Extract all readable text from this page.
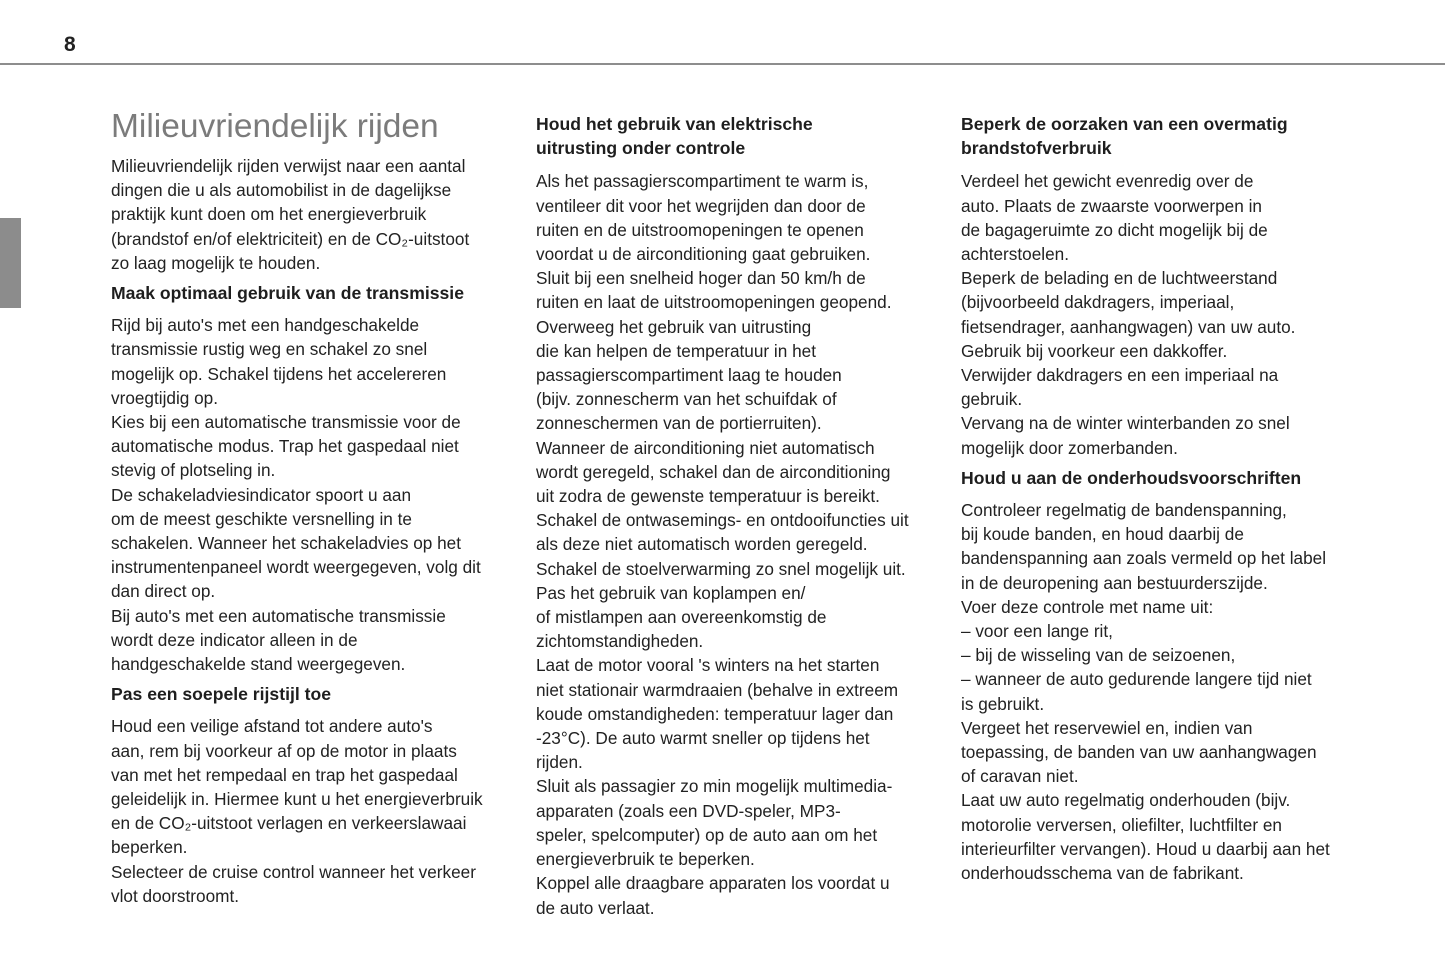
8
Milieuvriendelijk rijden
Milieuvriendelijk rijden verwijst naar een aantal
dingen die u als automobilist in de dagelijkse
praktijk kunt doen om het energieverbruik
(brandstof en/of elektriciteit) en de CO₂-uitstoot
zo laag mogelijk te houden.
Maak optimaal gebruik van de transmissie
Rijd bij auto's met een handgeschakelde
transmissie rustig weg en schakel zo snel
mogelijk op. Schakel tijdens het accelereren
vroegtijdig op.
Kies bij een automatische transmissie voor de
automatische modus. Trap het gaspedaal niet
stevig of plotseling in.
De schakeladviesindicator spoort u aan
om de meest geschikte versnelling in te
schakelen. Wanneer het schakeladvies op het
instrumentenpaneel wordt weergegeven, volg dit
dan direct op.
Bij auto's met een automatische transmissie
wordt deze indicator alleen in de
handgeschakelde stand weergegeven.
Pas een soepele rijstijl toe
Houd een veilige afstand tot andere auto's
aan, rem bij voorkeur af op de motor in plaats
van met het rempedaal en trap het gaspedaal
geleidelijk in. Hiermee kunt u het energieverbruik
en de CO₂-uitstoot verlagen en verkeerslawaai
beperken.
Selecteer de cruise control wanneer het verkeer
vlot doorstroomt.
Houd het gebruik van elektrische
uitrusting onder controle
Als het passagierscompartiment te warm is,
ventileer dit voor het wegrijden dan door de
ruiten en de uitstroomopeningen te openen
voordat u de airconditioning gaat gebruiken.
Sluit bij een snelheid hoger dan 50 km/h de
ruiten en laat de uitstroomopeningen geopend.
Overweeg het gebruik van uitrusting
die kan helpen de temperatuur in het
passagierscompartiment laag te houden
(bijv. zonnescherm van het schuifdak of
zonneschermen van de portierruiten).
Wanneer de airconditioning niet automatisch
wordt geregeld, schakel dan de airconditioning
uit zodra de gewenste temperatuur is bereikt.
Schakel de ontwasemings- en ontdooifuncties uit
als deze niet automatisch worden geregeld.
Schakel de stoelverwarming zo snel mogelijk uit.
Pas het gebruik van koplampen en/
of mistlampen aan overeenkomstig de
zichtomstandigheden.
Laat de motor vooral 's winters na het starten
niet stationair warmdraaien (behalve in extreem
koude omstandigheden: temperatuur lager dan
-23°C). De auto warmt sneller op tijdens het
rijden.
Sluit als passagier zo min mogelijk multimedia-
apparaten (zoals een DVD-speler, MP3-
speler, spelcomputer) op de auto aan om het
energieverbruik te beperken.
Koppel alle draagbare apparaten los voordat u
de auto verlaat.
Beperk de oorzaken van een overmatig
brandstofverbruik
Verdeel het gewicht evenredig over de
auto. Plaats de zwaarste voorwerpen in
de bagageruimte zo dicht mogelijk bij de
achterstoelen.
Beperk de belading en de luchtweerstand
(bijvoorbeeld dakdragers, imperiaal,
fietsendrager, aanhangwagen) van uw auto.
Gebruik bij voorkeur een dakkoffer.
Verwijder dakdragers en een imperiaal na
gebruik.
Vervang na de winter winterbanden zo snel
mogelijk door zomerbanden.
Houd u aan de onderhoudsvoorschriften
Controleer regelmatig de bandenspanning,
bij koude banden, en houd daarbij de
bandenspanning aan zoals vermeld op het label
in de deuropening aan bestuurderszijde.
Voer deze controle met name uit:
– voor een lange rit,
– bij de wisseling van de seizoenen,
– wanneer de auto gedurende langere tijd niet
is gebruikt.
Vergeet het reservewiel en, indien van
toepassing, de banden van uw aanhangwagen
of caravan niet.
Laat uw auto regelmatig onderhouden (bijv.
motorolie verversen, oliefilter, luchtfilter en
interieurfilter vervangen). Houd u daarbij aan het
onderhoudsschema van de fabrikant.
